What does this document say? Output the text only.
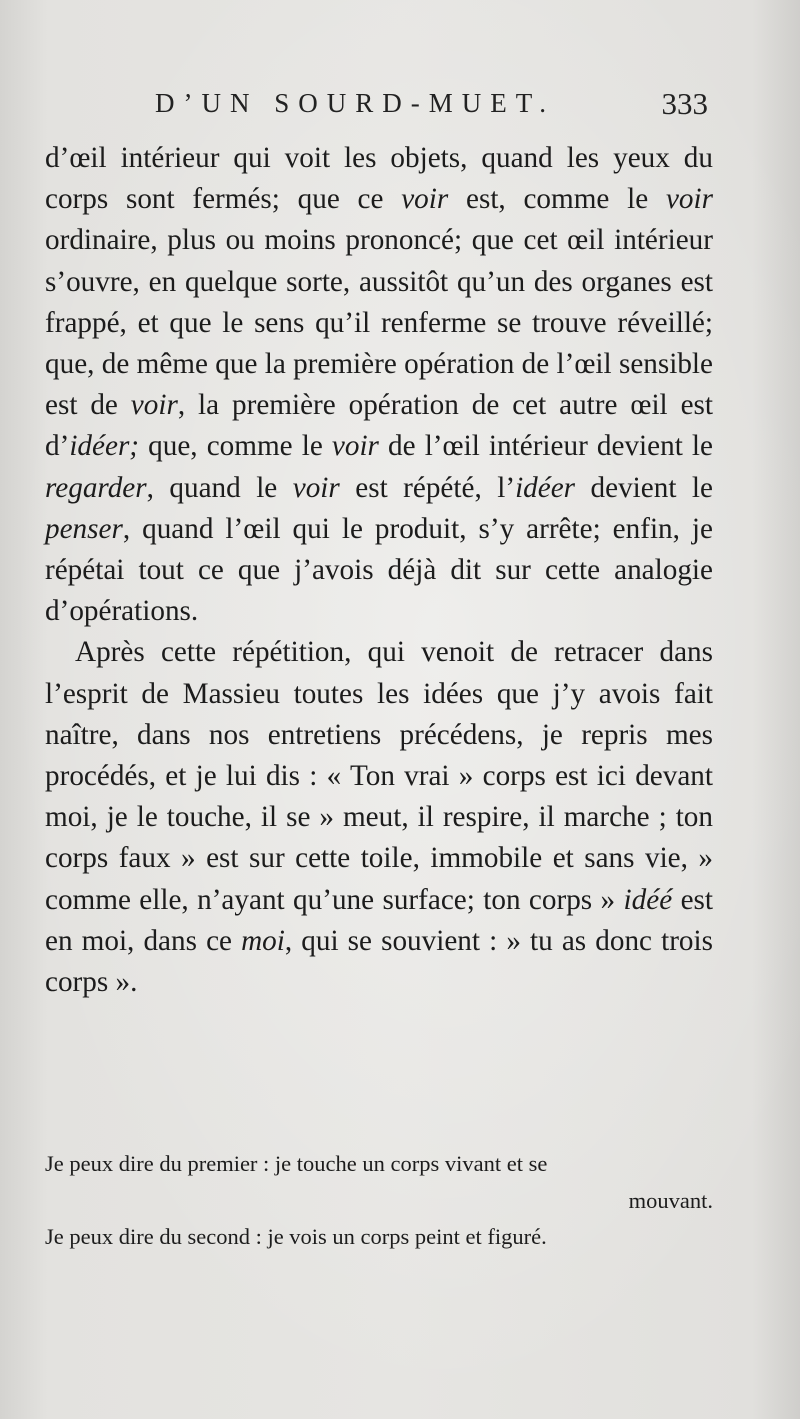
D’UN SOURD-MUET.	333

d’œil intérieur qui voit les objets, quand les yeux du corps sont fermés; que ce voir est, comme le voir ordinaire, plus ou moins prononcé; que cet œil intérieur s’ouvre, en quelque sorte, aussitôt qu’un des organes est frappé, et que le sens qu’il renferme se trouve réveillé; que, de même que la première opération de l’œil sensible est de voir, la première opération de cet autre œil est d’idéer; que, comme le voir de l’œil intérieur devient le regarder, quand le voir est répété, l’idéer devient le penser, quand l’œil qui le produit, s’y arrête; enfin, je répétai tout ce que j’avois déjà dit sur cette analogie d’opérations.

Après cette répétition, qui venoit de retracer dans l’esprit de Massieu toutes les idées que j’y avois fait naître, dans nos entretiens précédens, je repris mes procédés, et je lui dis : « Ton vrai » corps est ici devant moi, je le touche, il se » meut, il respire, il marche ; ton corps faux » est sur cette toile, immobile et sans vie, » comme elle, n’ayant qu’une surface; ton corps » idéé est en moi, dans ce moi, qui se souvient : » tu as donc trois corps ».

Je peux dire du premier : je touche un corps vivant et se

mouvant.

Je peux dire du second : je vois un corps peint et figuré.
